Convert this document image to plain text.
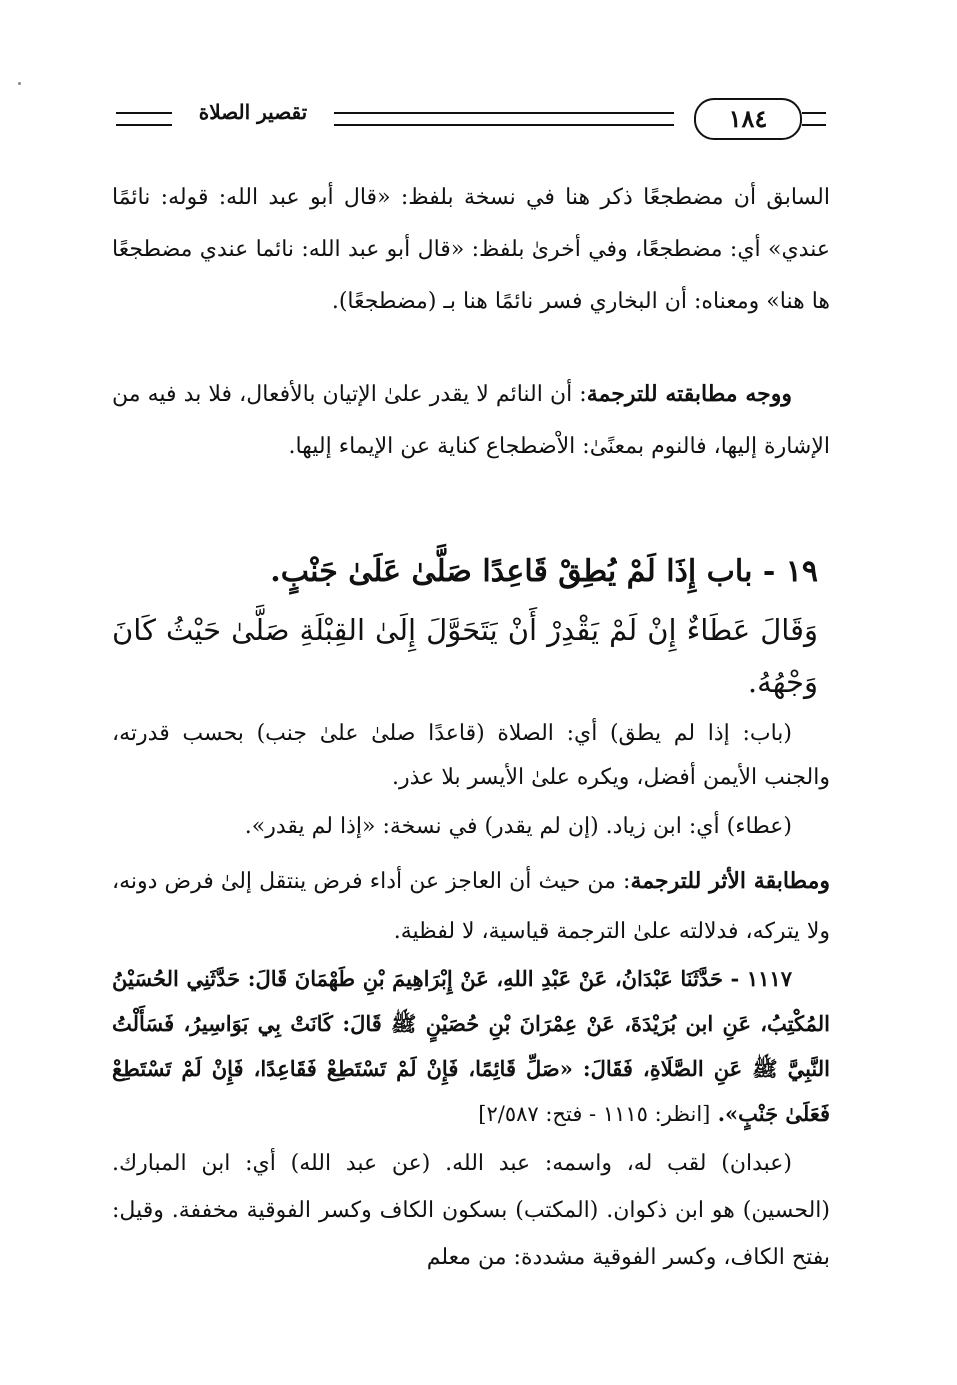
تقصير الصلاة	١٨٤
السابق أن مضطجعًا ذكر هنا في نسخة بلفظ: «قال أبو عبد الله: قوله: نائمًا عندي» أي: مضطجعًا، وفي أخرىٰ بلفظ: «قال أبو عبد الله: نائما عندي مضطجعًا ها هنا» ومعناه: أن البخاري فسر نائمًا هنا بـ (مضطجعًا).
ووجه مطابقته للترجمة: أن النائم لا يقدر علىٰ الإتيان بالأفعال، فلا بد فيه من الإشارة إليها، فالنوم بمعنًىٰ: الاْضطجاع كناية عن الإيماء إليها.
١٩ - باب إِذَا لَمْ يُطِقْ قَاعِدًا صَلَّىٰ عَلَىٰ جَنْبٍ.
وَقَالَ عَطَاءٌ إِنْ لَمْ يَقْدِرْ أَنْ يَتَحَوَّلَ إِلَىٰ القِبْلَةِ صَلَّىٰ حَيْثُ كَانَ وَجْهُهُ.
(باب: إذا لم يطق) أي: الصلاة (قاعدًا صلىٰ علىٰ جنب) بحسب قدرته، والجنب الأيمن أفضل، ويكره علىٰ الأيسر بلا عذر.
(عطاء) أي: ابن زياد. (إن لم يقدر) في نسخة: «إذا لم يقدر».
ومطابقة الأثر للترجمة: من حيث أن العاجز عن أداء فرض ينتقل إلىٰ فرض دونه، ولا يتركه، فدلالته علىٰ الترجمة قياسية، لا لفظية.
١١١٧ - حَدَّثَنَا عَبْدَانُ، عَنْ عَبْدِ اللهِ، عَنْ إِبْرَاهِيمَ بْنِ طَهْمَانَ قَالَ: حَدَّثَنِي الحُسَيْنُ المُكْتِبُ، عَنِ ابن بُرَيْدَةَ، عَنْ عِمْرَانَ بْنِ حُصَيْنٍ ﷺ قَالَ: كَانَتْ بِي بَوَاسِيرُ، فَسَأَلْتُ النَّبِيَّ ﷺ عَنِ الصَّلَاةِ، فَقَالَ: «صَلِّ قَائِمًا، فَإِنْ لَمْ تَسْتَطِعْ فَقَاعِدًا، فَإِنْ لَمْ تَسْتَطِعْ فَعَلَىٰ جَنْبٍ». [انظر: ١١١٥ - فتح: ٢/٥٨٧]
(عبدان) لقب له، واسمه: عبد الله. (عن عبد الله) أي: ابن المبارك. (الحسين) هو ابن ذكوان. (المكتب) بسكون الكاف وكسر الفوقية مخففة. وقيل: بفتح الكاف، وكسر الفوقية مشددة: من معلم
